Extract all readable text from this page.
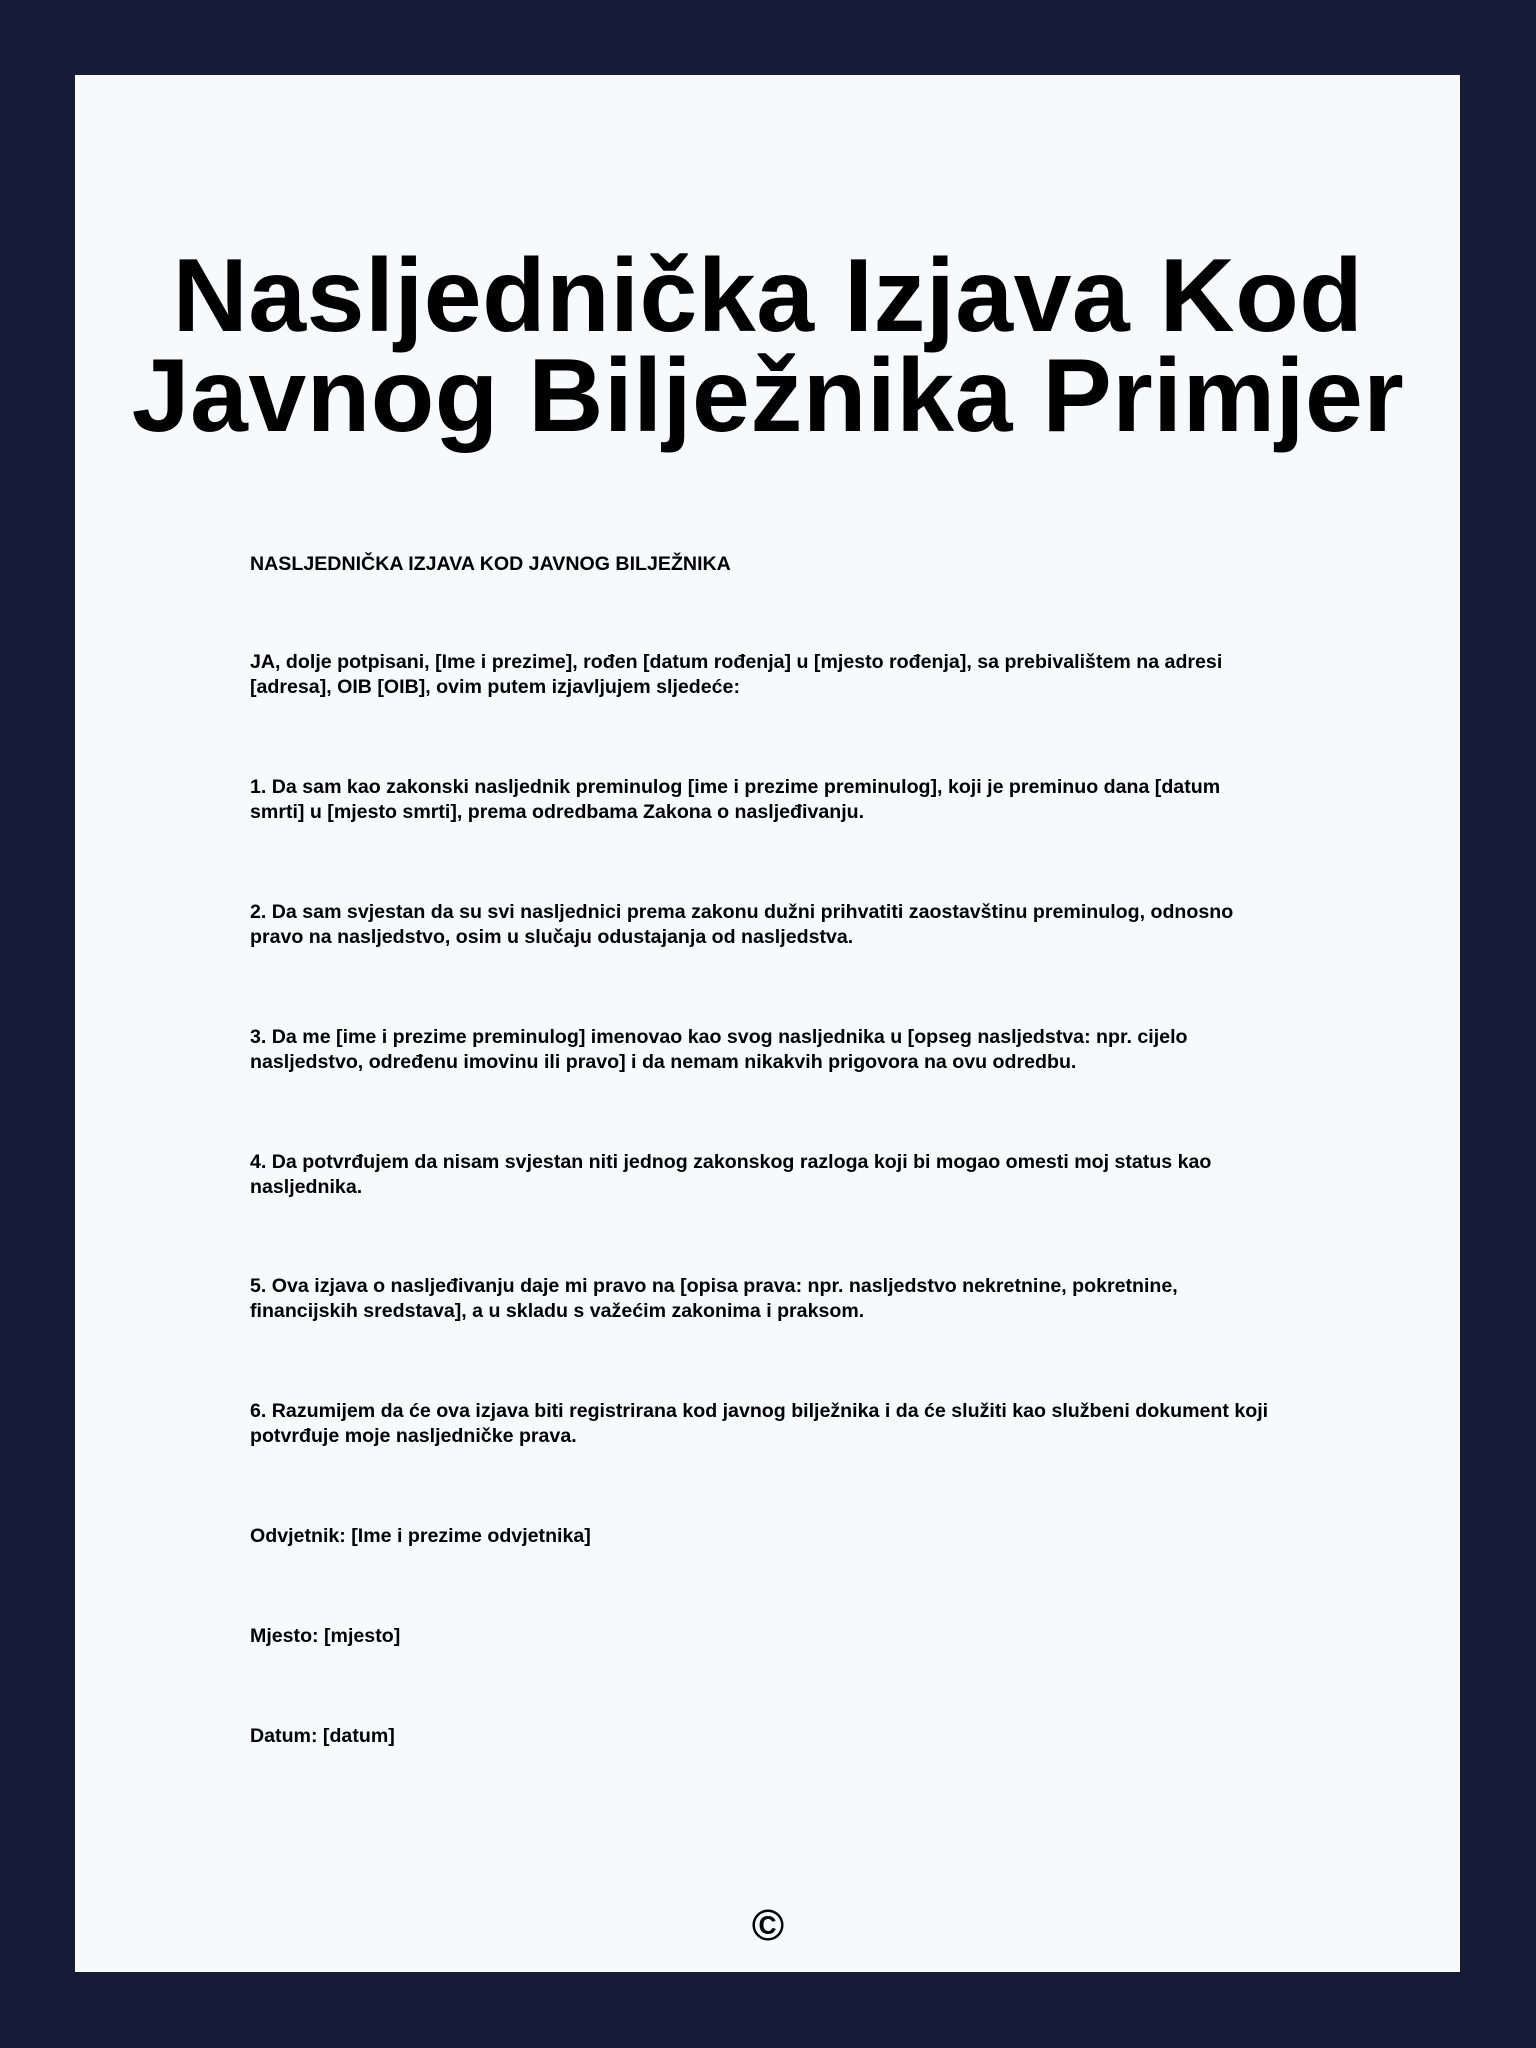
Nasljednička Izjava Kod Javnog Bilježnika Primjer

NASLJEDNIČKA IZJAVA KOD JAVNOG BILJEŽNIKA

JA, dolje potpisani, [Ime i prezime], rođen [datum rođenja] u [mjesto rođenja], sa prebivalištem na adresi [adresa], OIB [OIB], ovim putem izjavljujem sljedeće:

1. Da sam kao zakonski nasljednik preminulog [ime i prezime preminulog], koji je preminuo dana [datum smrti] u [mjesto smrti], prema odredbama Zakona o nasljeđivanju.

2. Da sam svjestan da su svi nasljednici prema zakonu dužni prihvatiti zaostavštinu preminulog, odnosno pravo na nasljedstvo, osim u slučaju odustajanja od nasljedstva.

3. Da me [ime i prezime preminulog] imenovao kao svog nasljednika u [opseg nasljedstva: npr. cijelo nasljedstvo, određenu imovinu ili pravo] i da nemam nikakvih prigovora na ovu odredbu.

4. Da potvrđujem da nisam svjestan niti jednog zakonskog razloga koji bi mogao omesti moj status kao nasljednika.

5. Ova izjava o nasljeđivanju daje mi pravo na [opisa prava: npr. nasljedstvo nekretnine, pokretnine, financijskih sredstava], a u skladu s važećim zakonima i praksom.

6. Razumijem da će ova izjava biti registrirana kod javnog bilježnika i da će služiti kao službeni dokument koji potvrđuje moje nasljedničke prava.

Odvjetnik: [Ime i prezime odvjetnika]

Mjesto: [mjesto]

Datum: [datum]

©
